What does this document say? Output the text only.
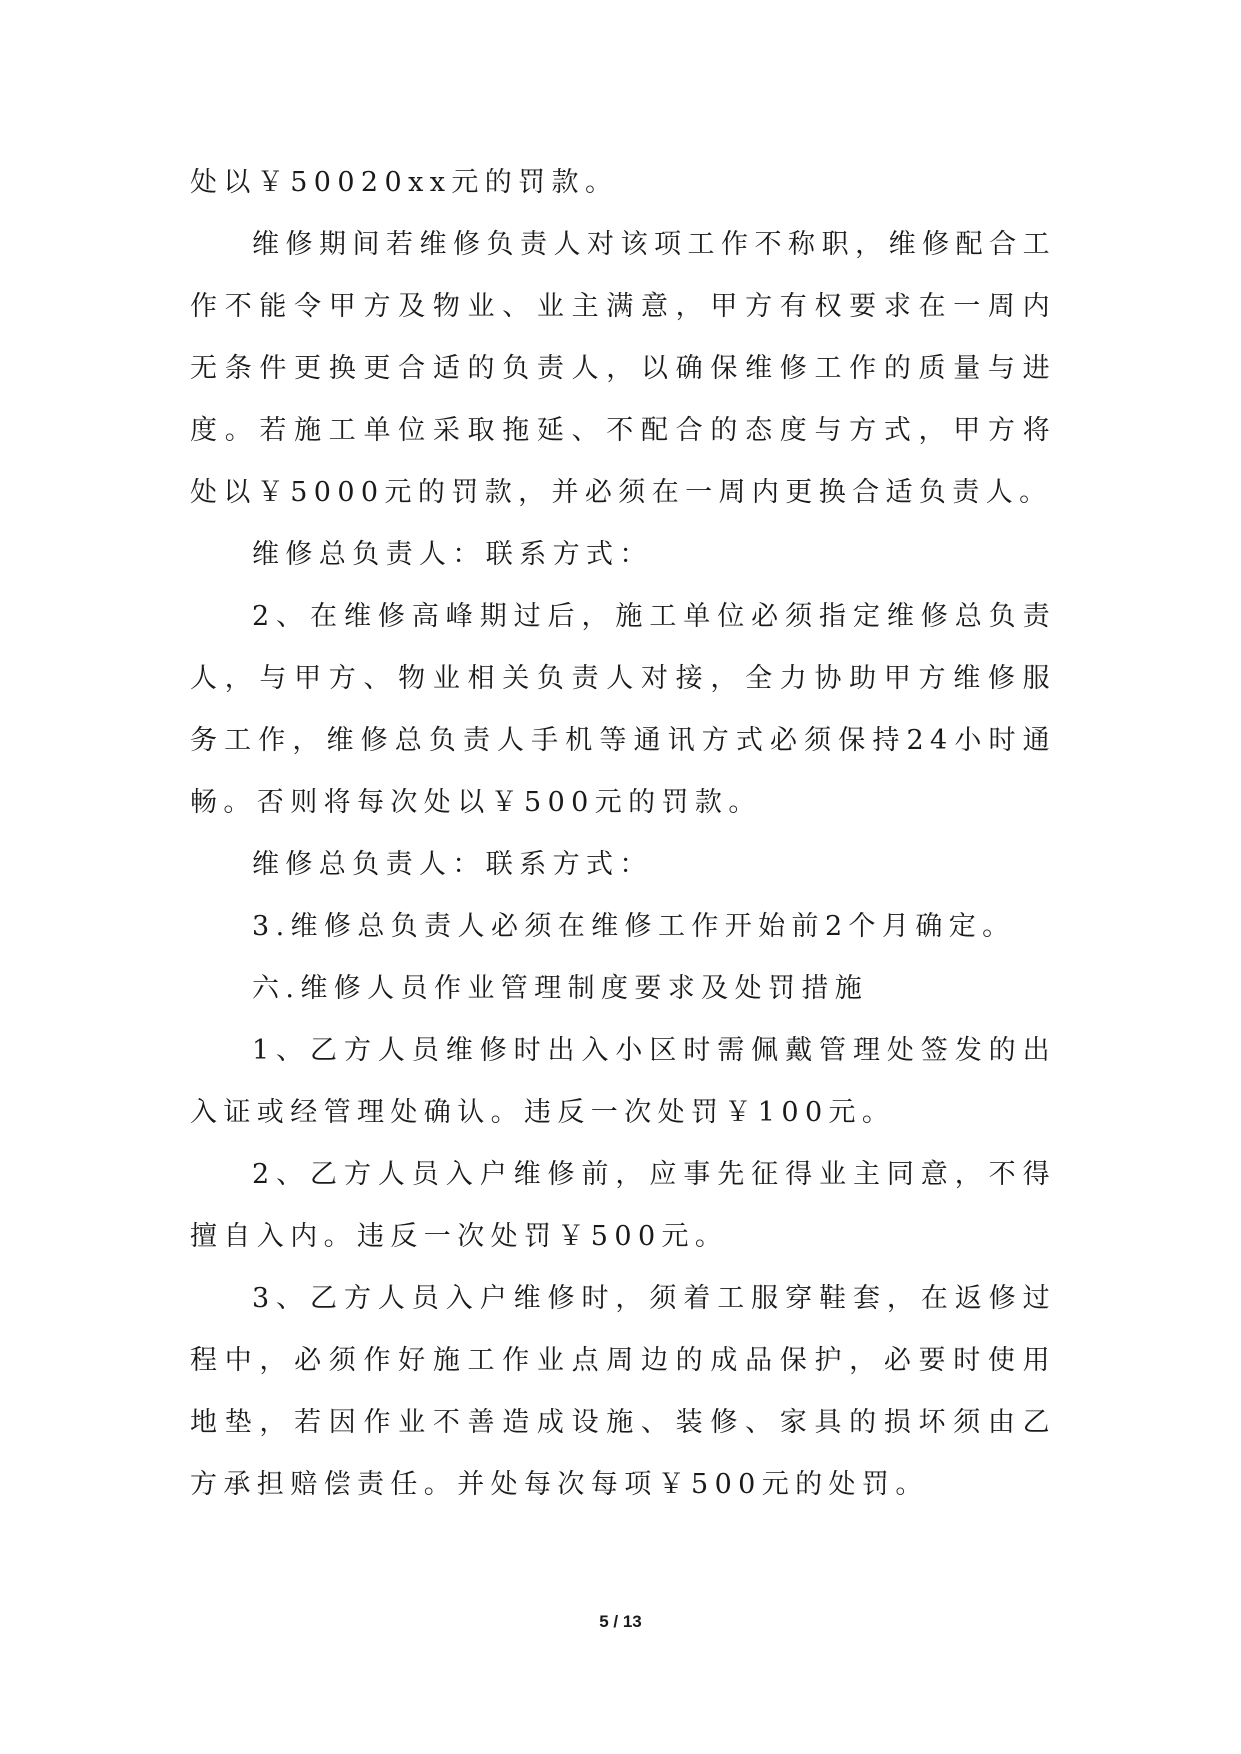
处以￥50020xx元的罚款。

维修期间若维修负责人对该项工作不称职，维修配合工作不能令甲方及物业、业主满意，甲方有权要求在一周内无条件更换更合适的负责人，以确保维修工作的质量与进度。若施工单位采取拖延、不配合的态度与方式，甲方将处以￥5000元的罚款，并必须在一周内更换合适负责人。

维修总负责人：联系方式：

2、在维修高峰期过后，施工单位必须指定维修总负责人，与甲方、物业相关负责人对接，全力协助甲方维修服务工作，维修总负责人手机等通讯方式必须保持24小时通畅。否则将每次处以￥500元的罚款。

维修总负责人：联系方式：

3.维修总负责人必须在维修工作开始前2个月确定。

六.维修人员作业管理制度要求及处罚措施

1、乙方人员维修时出入小区时需佩戴管理处签发的出入证或经管理处确认。违反一次处罚￥100元。

2、乙方人员入户维修前，应事先征得业主同意，不得擅自入内。违反一次处罚￥500元。

3、乙方人员入户维修时，须着工服穿鞋套，在返修过程中，必须作好施工作业点周边的成品保护，必要时使用地垫，若因作业不善造成设施、装修、家具的损坏须由乙方承担赔偿责任。并处每次每项￥500元的处罚。

5 / 13
